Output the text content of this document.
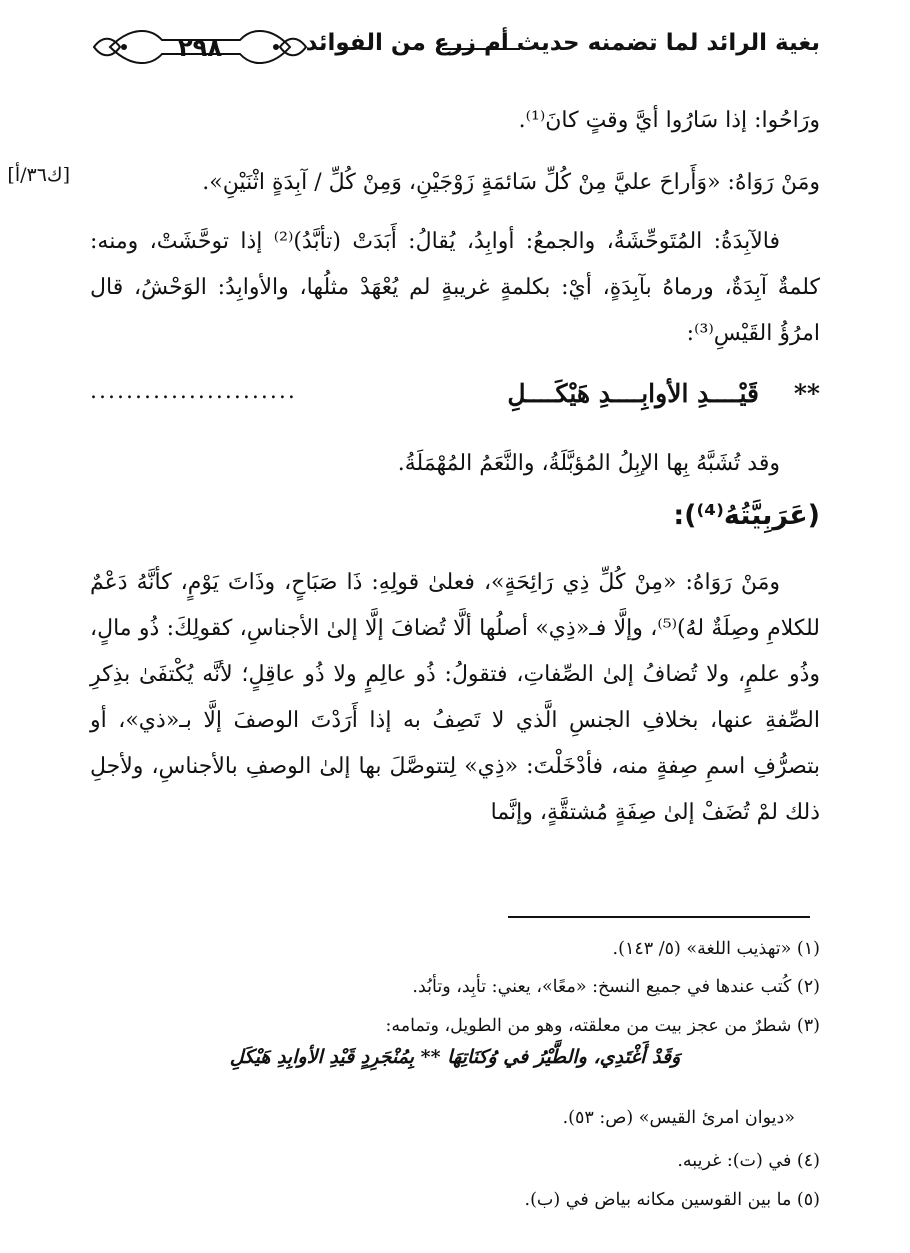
٢٩٨	بغية الرائد لما تضمنه حديث أم زرع من الفوائد
ورَاحُوا: إذا سَارُوا أيَّ وقتٍ كانَ⁽¹⁾.
[ك٣٦/أ]	ومَنْ رَوَاهُ: «وَأَراحَ عليَّ مِنْ كُلِّ سَائمَةٍ زَوْجَيْنِ، وَمِنْ كُلِّ / آبِدَةٍ اثْنَيْنِ».
فالآبِدَةُ: المُتَوحِّشَةُ، والجمعُ: أوابِدُ، يُقالُ: أَبَدَتْ (تأبَّدُ)⁽²⁾ إذا توحَّشَتْ، ومنه: كلمةٌ آبِدَةٌ، ورماهُ بآبِدَةٍ، أيْ: بكلمةٍ غريبةٍ لم يُعْهَدْ مثلُها، والأوابِدُ: الوَحْشُ، قال امرُؤُ القَيْسِ⁽³⁾:
**    قَيْــــدِ الأوابِــــدِ هَيْكَــــلِ
.......................
وقد تُشَبَّهُ بِها الإبِلُ المُؤبَّلَةُ، والنَّعَمُ المُهْمَلَةُ.
(عَرَبِيَّتُهُ⁽⁴⁾):
ومَنْ رَوَاهُ: «مِنْ كُلِّ ذِي رَائِحَةٍ»، فعلىٰ قولِهِ: ذَا صَبَاحٍ، وذَاتَ يَوْمٍ، كأنَّهُ دَعْمٌ للكلامِ وصِلَةٌ لهُ)⁽⁵⁾، وإلَّا فـ«ذِي» أصلُها ألَّا تُضافَ إلَّا إلىٰ الأجناسِ، كقولِكَ: ذُو مالٍ، وذُو علمٍ، ولا تُضافُ إلىٰ الصِّفاتِ، فتقولُ: ذُو عالِمٍ ولا ذُو عاقِلٍ؛ لأنَّه يُكْتفَىٰ بذِكرِ الصِّفةِ عنها، بخلافِ الجنسِ الَّذي لا تَصِفُ به إذا أَرَدْتَ الوصفَ إلَّا بـ«ذي»، أو بتصرُّفِ اسمِ صِفةٍ منه، فأدْخَلْتَ: «ذِي» لِتتوصَّلَ بها إلىٰ الوصفِ بالأجناسِ، ولأجلِ ذلك لمْ تُضَفْ إلىٰ صِفَةٍ مُشتقَّةٍ، وإنَّما
(١) «تهذيب اللغة» (٥/ ١٤٣).
(٢) كُتب عندها في جميع النسخ: «معًا»، يعني: تأبِد، وتأبُد.
(٣) شطرٌ من عجز بيت من معلقته، وهو من الطويل، وتمامه:
وَقَدْ أَغْتَدِي، والطَّيْرُ في وُكنَاتِهَا ** بِمُنْجَرِدٍ قَيْدِ الأوابِدِ هَيْكَلِ
«ديوان امرئ القيس» (ص: ٥٣).
(٤) في (ت): غريبه.
(٥) ما بين القوسين مكانه بياض في (ب).
